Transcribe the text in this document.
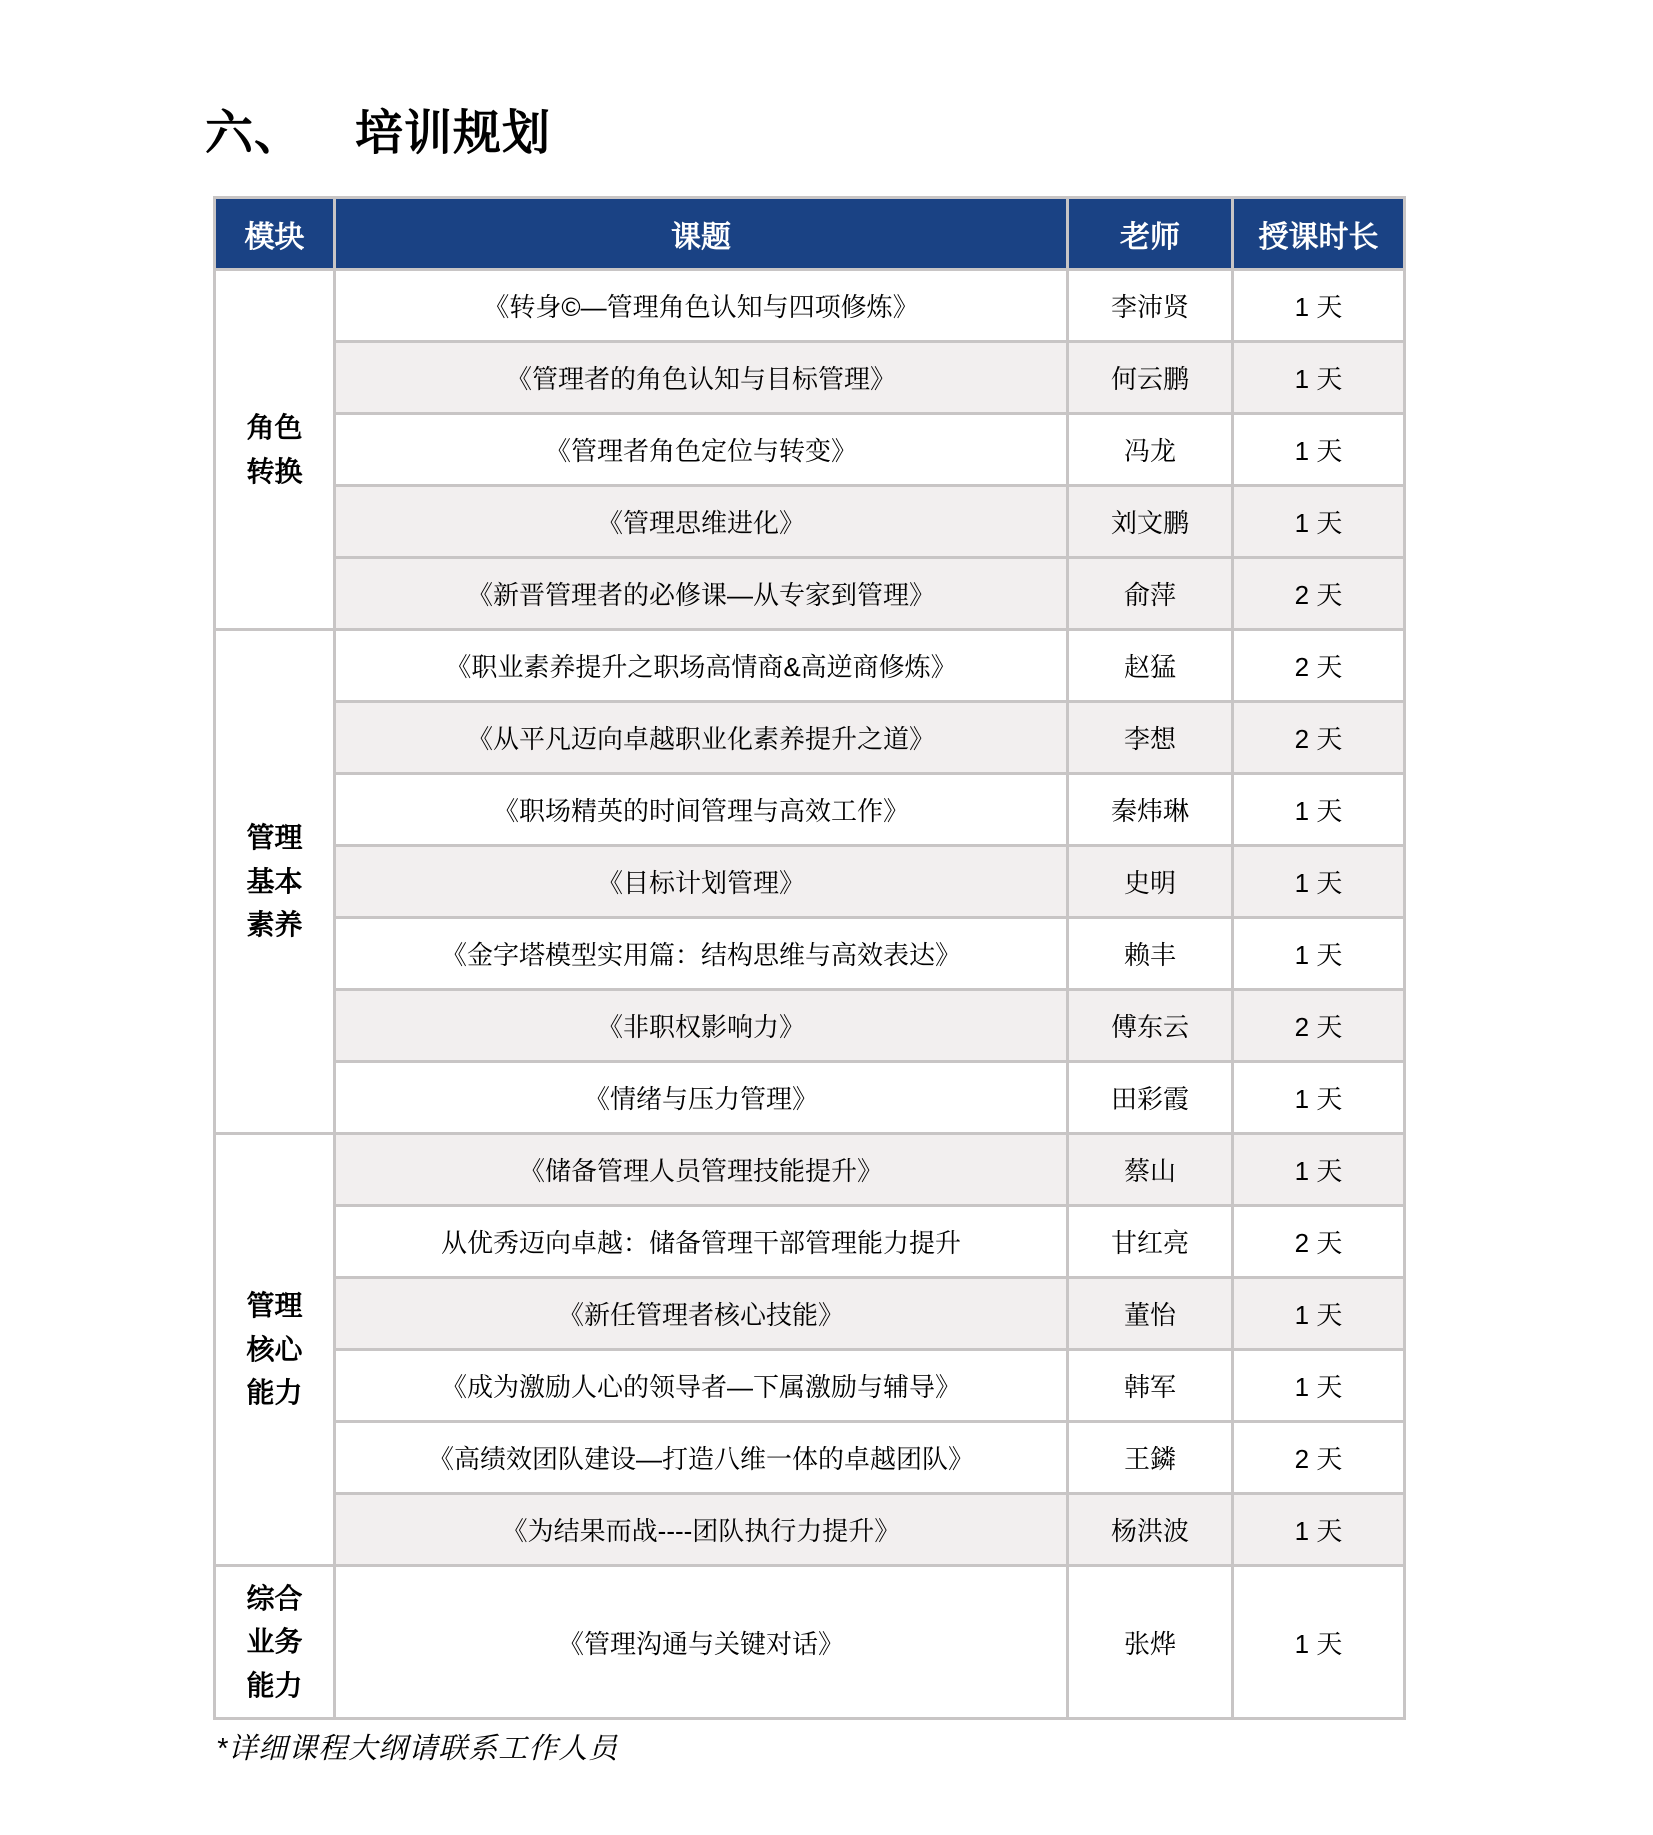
六、 培训规划
模块	课题	老师	授课时长

角色转换	《转身©—管理角色认知与四项修炼》	李沛贤	1 天
	《管理者的角色认知与目标管理》	何云鹏	1 天
	《管理者角色定位与转变》	冯龙	1 天
	《管理思维进化》	刘文鹏	1 天
	《新晋管理者的必修课—从专家到管理》	俞萍	2 天

管理基本素养	《职业素养提升之职场高情商&高逆商修炼》	赵猛	2 天
	《从平凡迈向卓越职业化素养提升之道》	李想	2 天
	《职场精英的时间管理与高效工作》	秦炜琳	1 天
	《目标计划管理》	史明	1 天
	《金字塔模型实用篇：结构思维与高效表达》	赖丰	1 天
	《非职权影响力》	傅东云	2 天
	《情绪与压力管理》	田彩霞	1 天

管理核心能力	《储备管理人员管理技能提升》	蔡山	1 天
	从优秀迈向卓越：储备管理干部管理能力提升	甘红亮	2 天
	《新任管理者核心技能》	董怡	1 天
	《成为激励人心的领导者—下属激励与辅导》	韩军	1 天
	《高绩效团队建设—打造八维一体的卓越团队》	王鏻	2 天
	《为结果而战----团队执行力提升》	杨洪波	1 天

综合业务能力	《管理沟通与关键对话》	张烨	1 天

*详细课程大纲请联系工作人员
